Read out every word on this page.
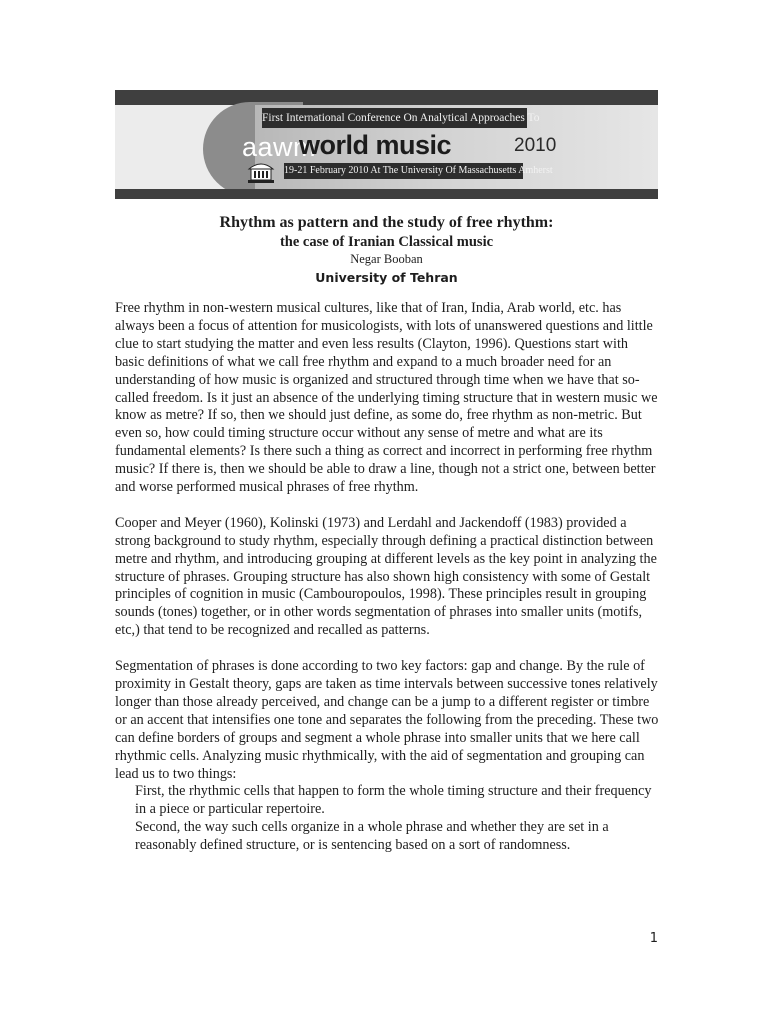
First International Conference On Analytical Approaches To
aawm
world music	2010
19-21 February 2010 At The University Of Massachusetts Amherst
Rhythm as pattern and the study of free rhythm:
the case of Iranian Classical music
Negar Booban
University of Tehran

Free rhythm in non-western musical cultures, like that of Iran, India, Arab world, etc. has always been a focus of attention for musicologists, with lots of unanswered questions and little clue to start studying the matter and even less results (Clayton, 1996). Questions start with basic definitions of what we call free rhythm and expand to a much broader need for an understanding of how music is organized and structured through time when we have that so-called freedom. Is it just an absence of the underlying timing structure that in western music we know as metre? If so, then we should just define, as some do, free rhythm as non-metric. But even so, how could timing structure occur without any sense of metre and what are its fundamental elements? Is there such a thing as correct and incorrect in performing free rhythm music? If there is, then we should be able to draw a line, though not a strict one, between better and worse performed musical phrases of free rhythm.

Cooper and Meyer (1960), Kolinski (1973) and Lerdahl and Jackendoff (1983) provided a strong background to study rhythm, especially through defining a practical distinction between metre and rhythm, and introducing grouping at different levels as the key point in analyzing the structure of phrases. Grouping structure has also shown high consistency with some of Gestalt principles of cognition in music (Cambouropoulos, 1998). These principles result in grouping sounds (tones) together, or in other words segmentation of phrases into smaller units (motifs, etc,) that tend to be recognized and recalled as patterns.

Segmentation of phrases is done according to two key factors: gap and change. By the rule of proximity in Gestalt theory, gaps are taken as time intervals between successive tones relatively longer than those already perceived, and change can be a jump to a different register or timbre or an accent that intensifies one tone and separates the following from the preceding. These two can define borders of groups and segment a whole phrase into smaller units that we here call rhythmic cells. Analyzing music rhythmically, with the aid of segmentation and grouping can lead us to two things:

First, the rhythmic cells that happen to form the whole timing structure and their frequency in a piece or particular repertoire.

Second, the way such cells organize in a whole phrase and whether they are set in a reasonably defined structure, or is sentencing based on a sort of randomness.

1
